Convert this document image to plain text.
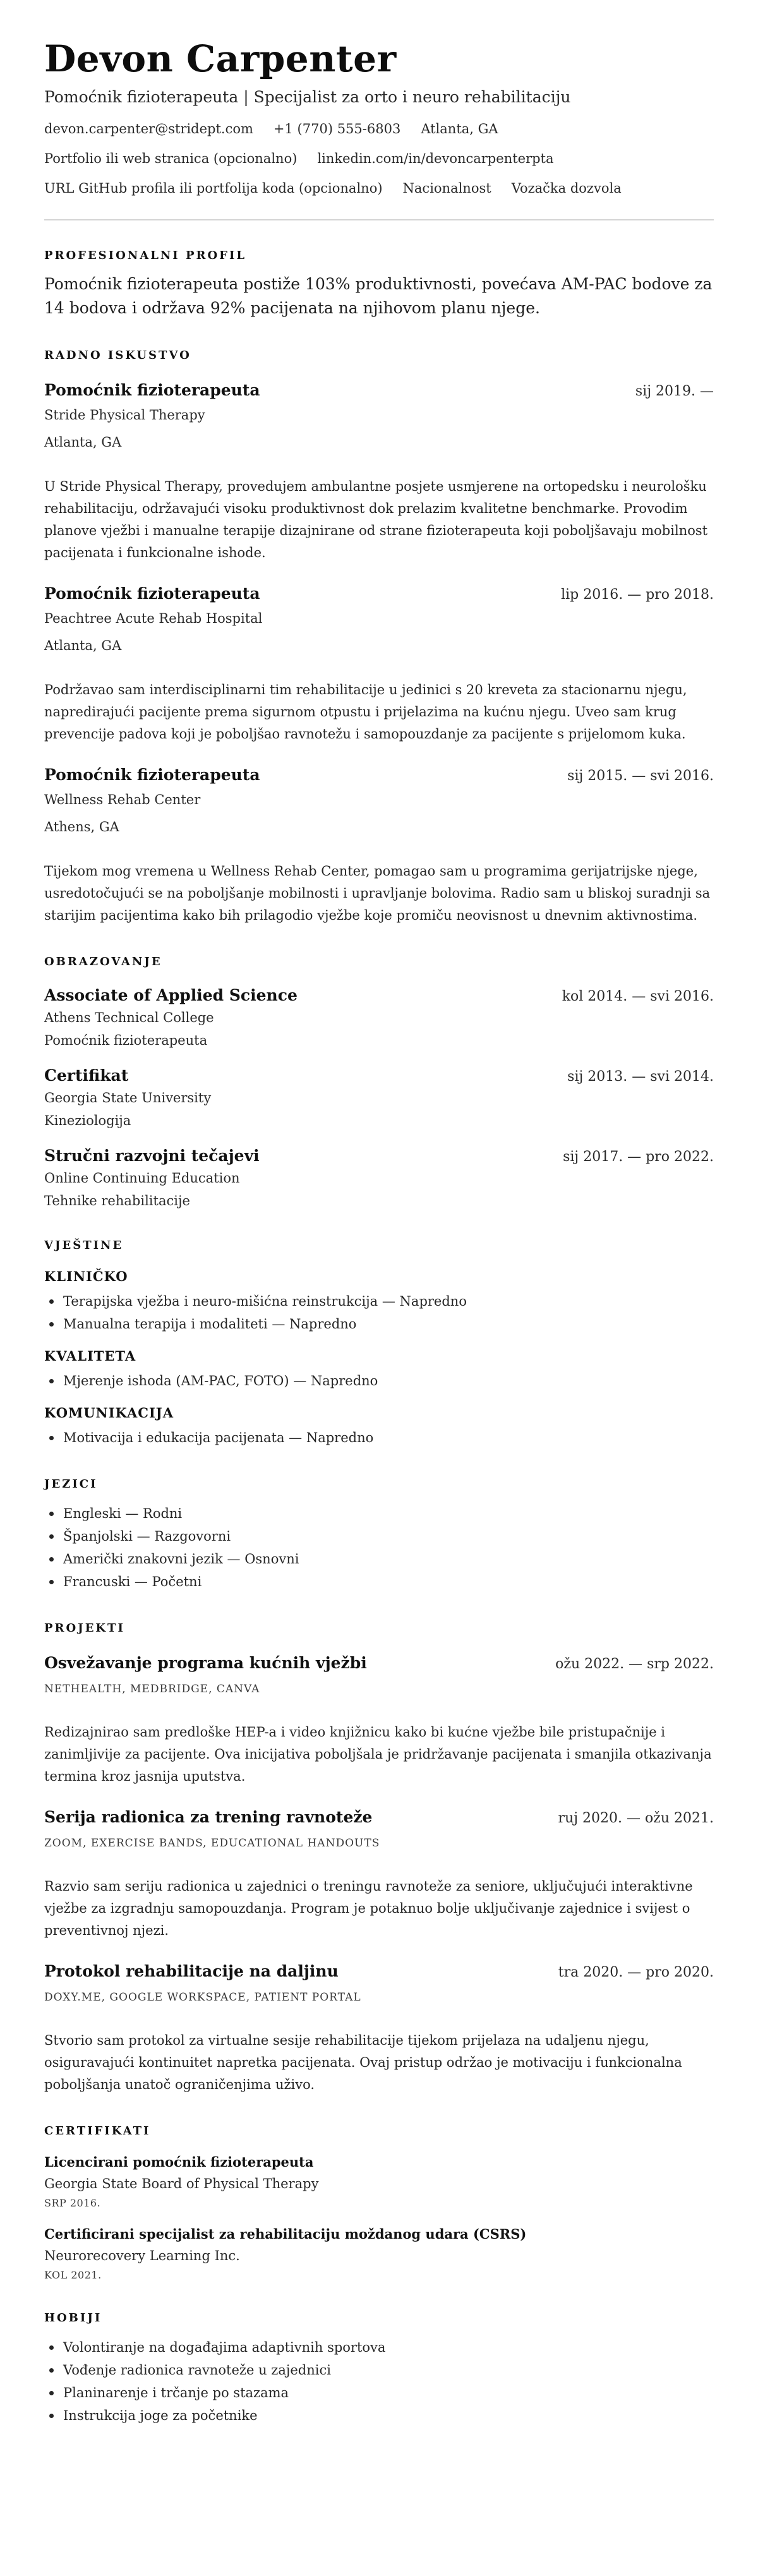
Devon Carpenter
Pomoćnik fizioterapeuta | Specijalist za orto i neuro rehabilitaciju
devon.carpenter@stridept.com +1 (770) 555-6803 Atlanta, GA
Portfolio ili web stranica (opcionalno) linkedin.com/in/devoncarpenterpta
URL GitHub profila ili portfolija koda (opcionalno) Nacionalnost Vozačka dozvola
PROFESIONALNI PROFIL

Pomoćnik fizioterapeuta postiže 103% produktivnosti, povećava AM-PAC bodove za 14 bodova i održava 92% pacijenata na njihovom planu njege.

RADNO ISKUSTVO
Pomoćnik fizioterapeuta	sij 2019. —
Stride Physical Therapy
Atlanta, GA

U Stride Physical Therapy, provedujem ambulantne posjete usmjerene na ortopedsku i neurološku rehabilitaciju, održavajući visoku produktivnost dok prelazim kvalitetne benchmarke. Provodim planove vježbi i manualne terapije dizajnirane od strane fizioterapeuta koji poboljšavaju mobilnost pacijenata i funkcionalne ishode.

Pomoćnik fizioterapeuta	lip 2016. — pro 2018.
Peachtree Acute Rehab Hospital
Atlanta, GA

Podržavao sam interdisciplinarni tim rehabilitacije u jedinici s 20 kreveta za stacionarnu njegu, napredirajući pacijente prema sigurnom otpustu i prijelazima na kućnu njegu. Uveo sam krug prevencije padova koji je poboljšao ravnotežu i samopouzdanje za pacijente s prijelomom kuka.

Pomoćnik fizioterapeuta	sij 2015. — svi 2016.
Wellness Rehab Center
Athens, GA

Tijekom mog vremena u Wellness Rehab Center, pomagao sam u programima gerijatrijske njege, usredotočujući se na poboljšanje mobilnosti i upravljanje bolovima. Radio sam u bliskoj suradnji sa starijim pacijentima kako bih prilagodio vježbe koje promiču neovisnost u dnevnim aktivnostima.

OBRAZOVANJE
Associate of Applied Science	kol 2014. — svi 2016.
Athens Technical College
Pomoćnik fizioterapeuta
Certifikat	sij 2013. — svi 2014.
Georgia State University
Kineziologija
Stručni razvojni tečajevi	sij 2017. — pro 2022.
Online Continuing Education
Tehnike rehabilitacije
VJEŠTINE
KLINIČKO
Terapijska vježba i neuro-mišićna reinstrukcija — Napredno
Manualna terapija i modaliteti — Napredno
KVALITETA
Mjerenje ishoda (AM-PAC, FOTO) — Napredno
KOMUNIKACIJA
Motivacija i edukacija pacijenata — Napredno
JEZICI
Engleski — Rodni
Španjolski — Razgovorni
Američki znakovni jezik — Osnovni
Francuski — Početni
PROJEKTI
Osvežavanje programa kućnih vježbi	ožu 2022. — srp 2022.
NETHEALTH, MEDBRIDGE, CANVA

Redizajnirao sam predloške HEP-a i video knjižnicu kako bi kućne vježbe bile pristupačnije i zanimljivije za pacijente. Ova inicijativa poboljšala je pridržavanje pacijenata i smanjila otkazivanja termina kroz jasnija uputstva.

Serija radionica za trening ravnoteže	ruj 2020. — ožu 2021.
ZOOM, EXERCISE BANDS, EDUCATIONAL HANDOUTS

Razvio sam seriju radionica u zajednici o treningu ravnoteže za seniore, uključujući interaktivne vježbe za izgradnju samopouzdanja. Program je potaknuo bolje uključivanje zajednice i svijest o preventivnoj njezi.

Protokol rehabilitacije na daljinu	tra 2020. — pro 2020.
DOXY.ME, GOOGLE WORKSPACE, PATIENT PORTAL

Stvorio sam protokol za virtualne sesije rehabilitacije tijekom prijelaza na udaljenu njegu, osiguravajući kontinuitet napretka pacijenata. Ovaj pristup održao je motivaciju i funkcionalna poboljšanja unatoč ograničenjima uživo.

CERTIFIKATI
Licencirani pomoćnik fizioterapeuta
Georgia State Board of Physical Therapy
SRP 2016.
Certificirani specijalist za rehabilitaciju moždanog udara (CSRS)
Neurorecovery Learning Inc.
KOL 2021.
HOBIJI
Volontiranje na događajima adaptivnih sportova
Vođenje radionica ravnoteže u zajednici
Planinarenje i trčanje po stazama
Instrukcija joge za početnike
